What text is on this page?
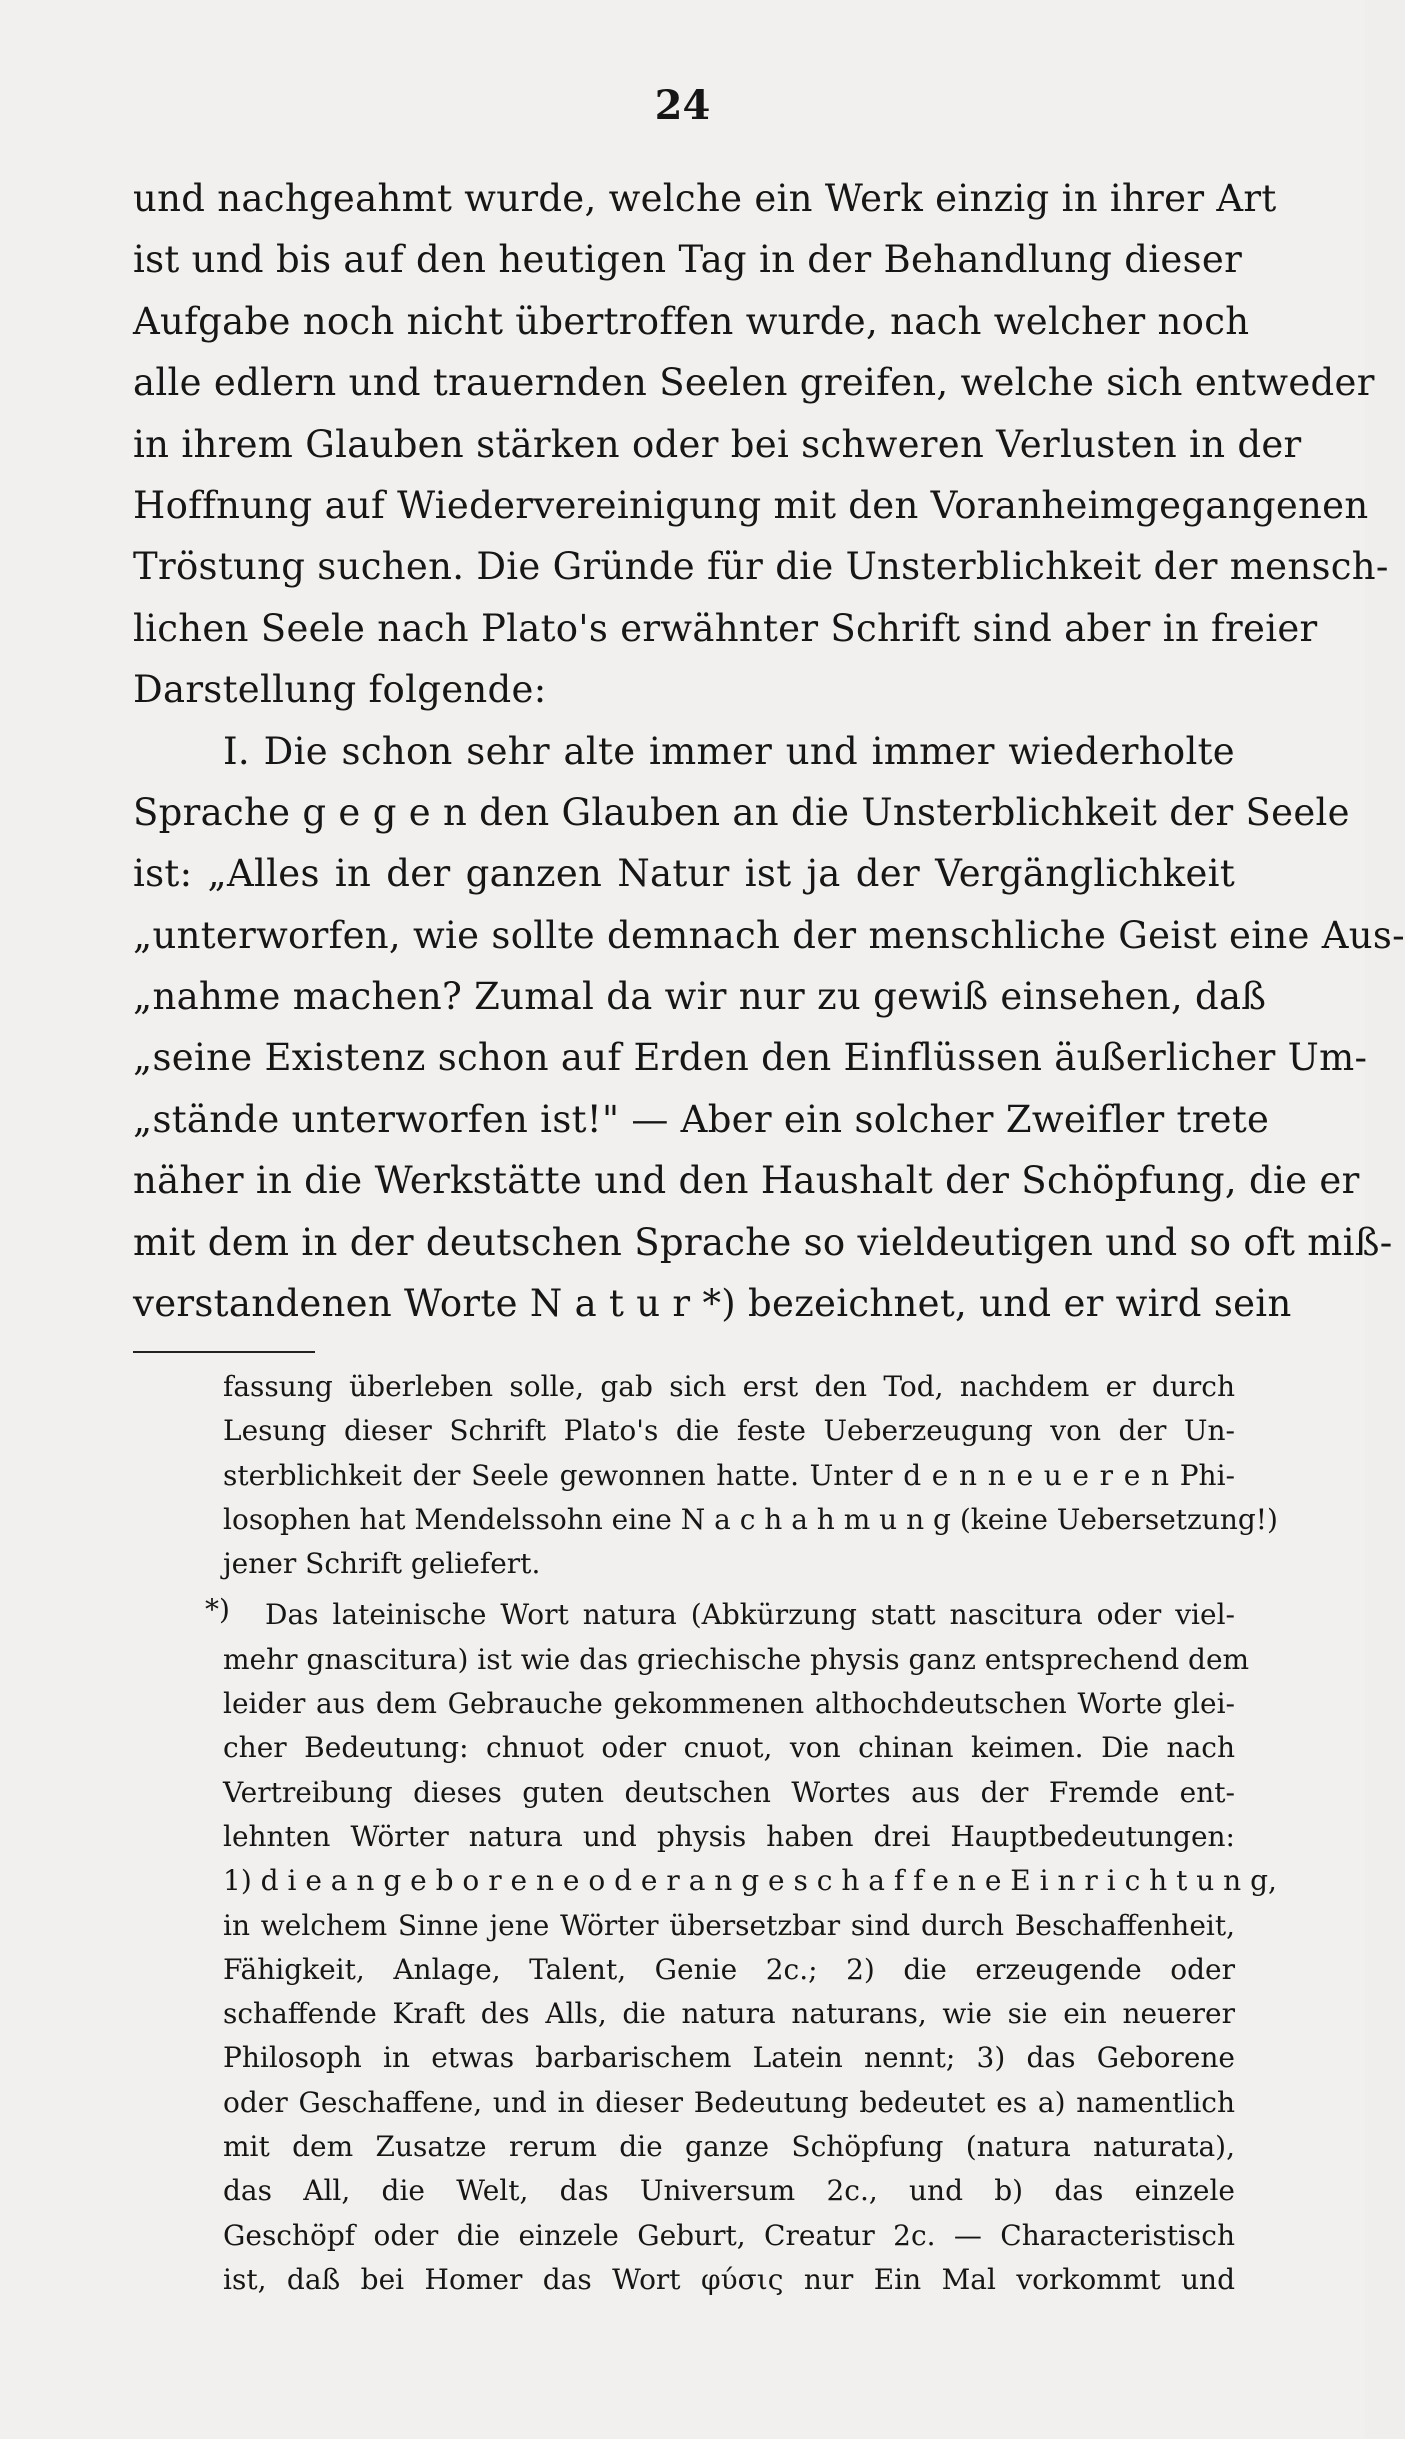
24
und nachgeahmt wurde, welche ein Werk einzig in ihrer Art
ist und bis auf den heutigen Tag in der Behandlung dieser
Aufgabe noch nicht übertroffen wurde, nach welcher noch
alle edlern und trauernden Seelen greifen, welche sich entweder
in ihrem Glauben stärken oder bei schweren Verlusten in der
Hoffnung auf Wiedervereinigung mit den Voranheimgegangenen
Tröstung suchen. Die Gründe für die Unsterblichkeit der mensch-
lichen Seele nach Plato's erwähnter Schrift sind aber in freier
Darstellung folgende:
I. Die schon sehr alte immer und immer wiederholte
Sprache g e g e n den Glauben an die Unsterblichkeit der Seele
ist: „Alles in der ganzen Natur ist ja der Vergänglichkeit
„unterworfen, wie sollte demnach der menschliche Geist eine Aus-
„nahme machen? Zumal da wir nur zu gewiß einsehen, daß
„seine Existenz schon auf Erden den Einflüssen äußerlicher Um-
„stände unterworfen ist!" — Aber ein solcher Zweifler trete
näher in die Werkstätte und den Haushalt der Schöpfung, die er
mit dem in der deutschen Sprache so vieldeutigen und so oft miß-
verstandenen Worte N a t u r *) bezeichnet, und er wird sein
fassung überleben solle, gab sich erst den Tod, nachdem er durch
Lesung dieser Schrift Plato's die feste Ueberzeugung von der Un-
sterblichkeit der Seele gewonnen hatte. Unter d e n n e u e r e n Phi-
losophen hat Mendelssohn eine N a c h a h m u n g (keine Uebersetzung!)
jener Schrift geliefert.
*)	Das lateinische Wort natura (Abkürzung statt nascitura oder viel-
mehr gnascitura) ist wie das griechische physis ganz entsprechend dem
leider aus dem Gebrauche gekommenen althochdeutschen Worte glei-
cher Bedeutung: chnuot oder cnuot, von chinan keimen. Die nach
Vertreibung dieses guten deutschen Wortes aus der Fremde ent-
lehnten Wörter natura und physis haben drei Hauptbedeutungen:
1) d i e a n g e b o r e n e o d e r a n g e s c h a f f e n e E i n r i c h t u n g,
in welchem Sinne jene Wörter übersetzbar sind durch Beschaffenheit,
Fähigkeit, Anlage, Talent, Genie 2c.; 2) die erzeugende oder
schaffende Kraft des Alls, die natura naturans, wie sie ein neuerer
Philosoph in etwas barbarischem Latein nennt; 3) das Geborene
oder Geschaffene, und in dieser Bedeutung bedeutet es a) namentlich
mit dem Zusatze rerum die ganze Schöpfung (natura naturata),
das All, die Welt, das Universum 2c., und b) das einzele
Geschöpf oder die einzele Geburt, Creatur 2c. — Characteristisch
ist, daß bei Homer das Wort φύσις nur Ein Mal vorkommt und
